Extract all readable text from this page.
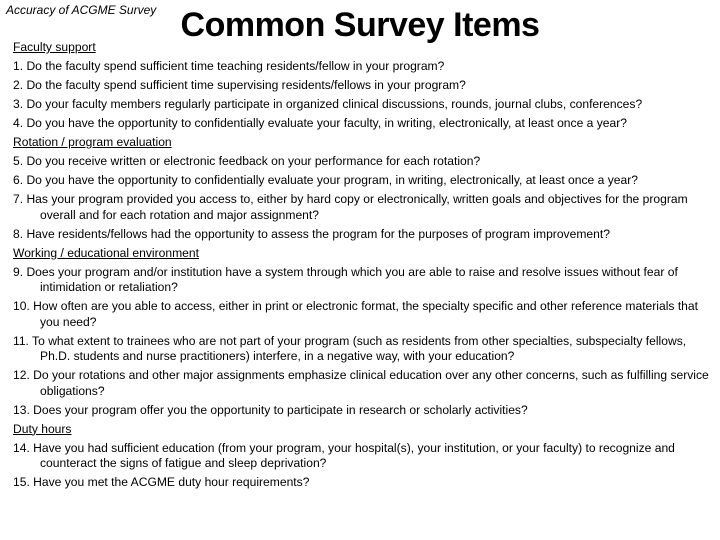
Accuracy of ACGME Survey Common Survey Items
Faculty support
1. Do the faculty spend sufficient time teaching residents/fellow in your program?
2. Do the faculty spend sufficient time supervising residents/fellows in your program?
3. Do your faculty members regularly participate in organized clinical discussions, rounds, journal clubs, conferences?
4. Do you have the opportunity to confidentially evaluate your faculty, in writing, electronically, at least once a year?
Rotation / program evaluation
5. Do you receive written or electronic feedback on your performance for each rotation?
6. Do you have the opportunity to confidentially evaluate your program, in writing, electronically, at least once a year?
7. Has your program provided you access to, either by hard copy or electronically, written goals and objectives for the program overall and for each rotation and major assignment?
8. Have residents/fellows had the opportunity to assess the program for the purposes of program improvement?
Working / educational environment
9. Does your program and/or institution have a system through which you are able to raise and resolve issues without fear of intimidation or retaliation?
10. How often are you able to access, either in print or electronic format, the specialty specific and other reference materials that you need?
11. To what extent to trainees who are not part of your program (such as residents from other specialties, subspecialty fellows, Ph.D. students and nurse practitioners) interfere, in a negative way, with your education?
12. Do your rotations and other major assignments emphasize clinical education over any other concerns, such as fulfilling service obligations?
13. Does your program offer you the opportunity to participate in research or scholarly activities?
Duty hours
14. Have you had sufficient education (from your program, your hospital(s), your institution, or your faculty) to recognize and counteract the signs of fatigue and sleep deprivation?
15. Have you met the ACGME duty hour requirements?
